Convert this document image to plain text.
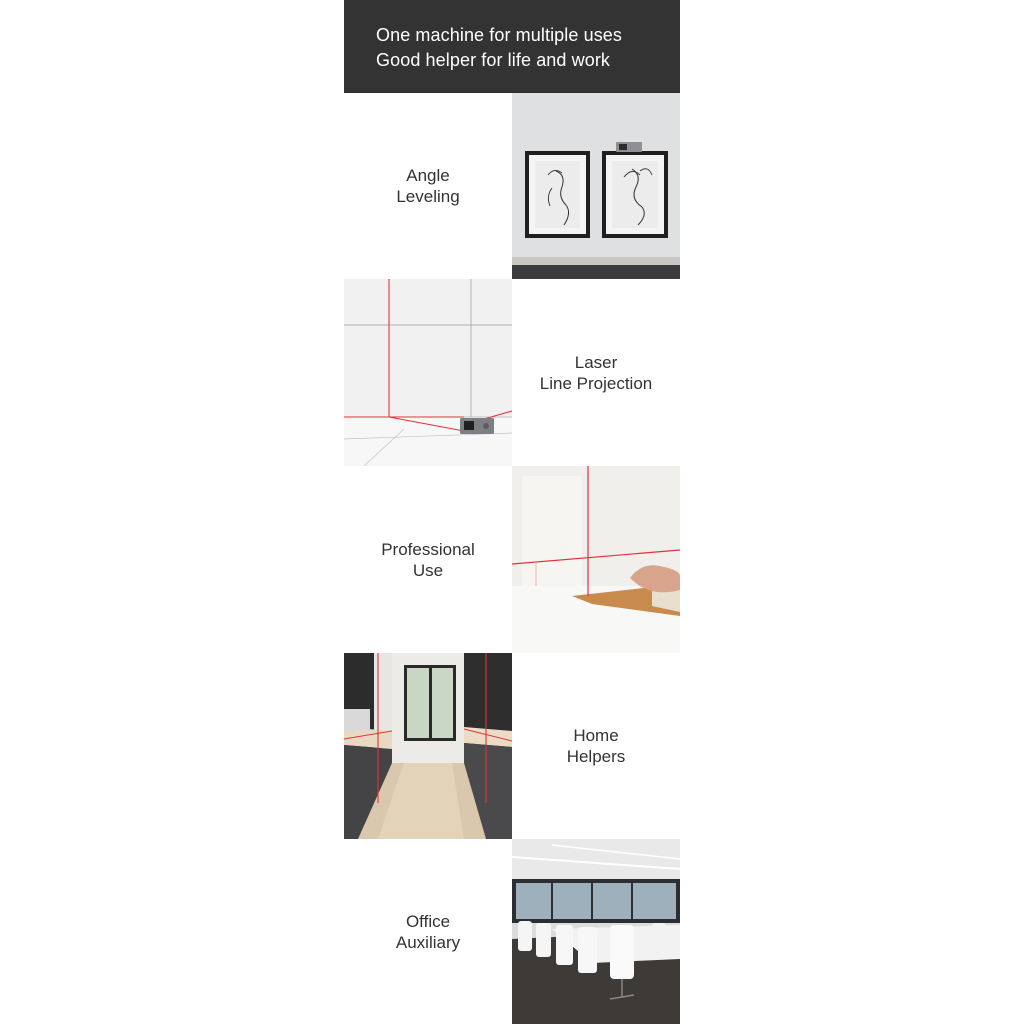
One machine for multiple uses
Good helper for life and work
Angle
Leveling
Laser
Line Projection
Professional
Use
Home
Helpers
Office
Auxiliary
